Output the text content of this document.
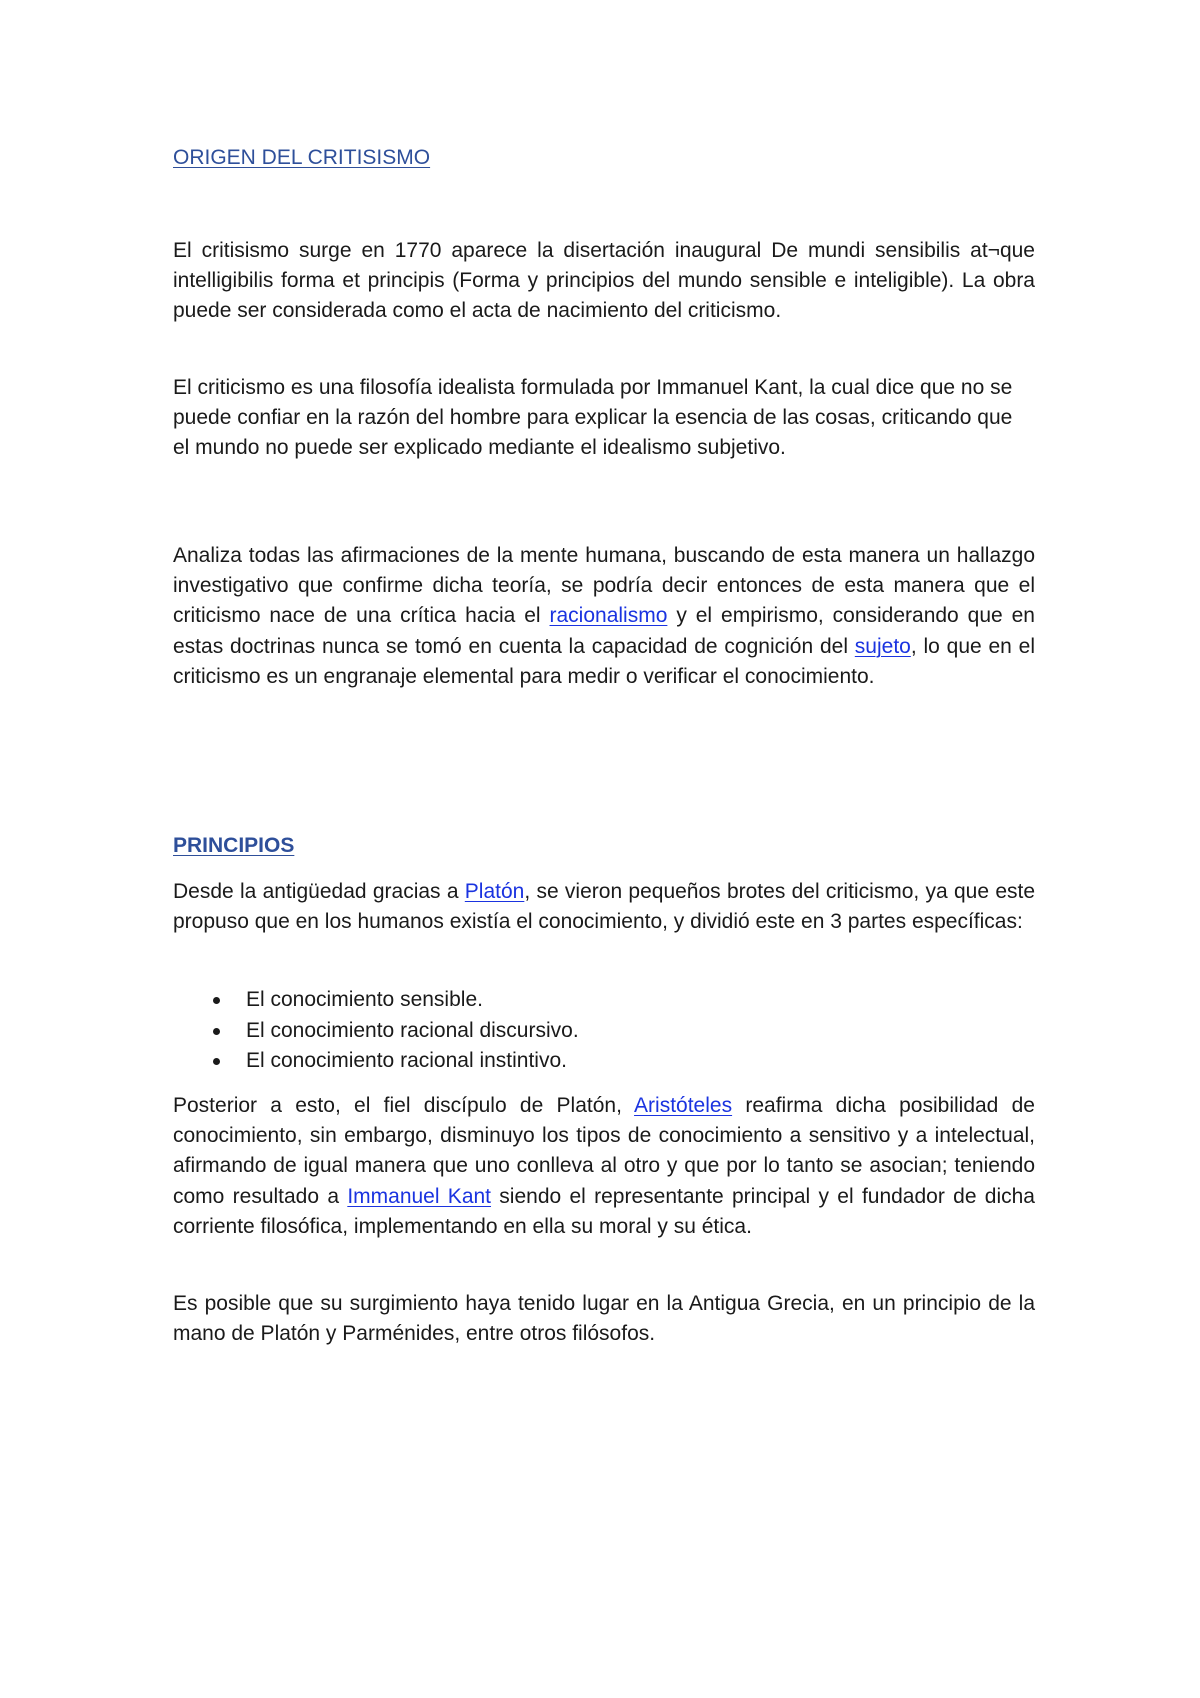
ORIGEN DEL CRITISISMO

El critisismo surge en 1770 aparece la disertación inaugural De mundi sensibilis at¬que intelligibilis forma et principis (Forma y principios del mundo sensible e inteligible). La obra puede ser considerada como el acta de nacimiento del criticismo.

El criticismo es una filosofía idealista formulada por Immanuel Kant, la cual dice que no se puede confiar en la razón del hombre para explicar la esencia de las cosas, criticando que el mundo no puede ser explicado mediante el idealismo subjetivo.

Analiza todas las afirmaciones de la mente humana, buscando de esta manera un hallazgo investigativo que confirme dicha teoría, se podría decir entonces de esta manera que el criticismo nace de una crítica hacia el racionalismo y el empirismo, considerando que en estas doctrinas nunca se tomó en cuenta la capacidad de cognición del sujeto, lo que en el criticismo es un engranaje elemental para medir o verificar el conocimiento.

PRINCIPIOS

Desde la antigüedad gracias a Platón, se vieron pequeños brotes del criticismo, ya que este propuso que en los humanos existía el conocimiento, y dividió este en 3 partes específicas:

El conocimiento sensible.
El conocimiento racional discursivo.
El conocimiento racional instintivo.

Posterior a esto, el fiel discípulo de Platón, Aristóteles reafirma dicha posibilidad de conocimiento, sin embargo, disminuyo los tipos de conocimiento a sensitivo y a intelectual, afirmando de igual manera que uno conlleva al otro y que por lo tanto se asocian; teniendo como resultado a Immanuel Kant siendo el representante principal y el fundador de dicha corriente filosófica, implementando en ella su moral y su ética.

Es posible que su surgimiento haya tenido lugar en la Antigua Grecia, en un principio de la mano de Platón y Parménides, entre otros filósofos.
